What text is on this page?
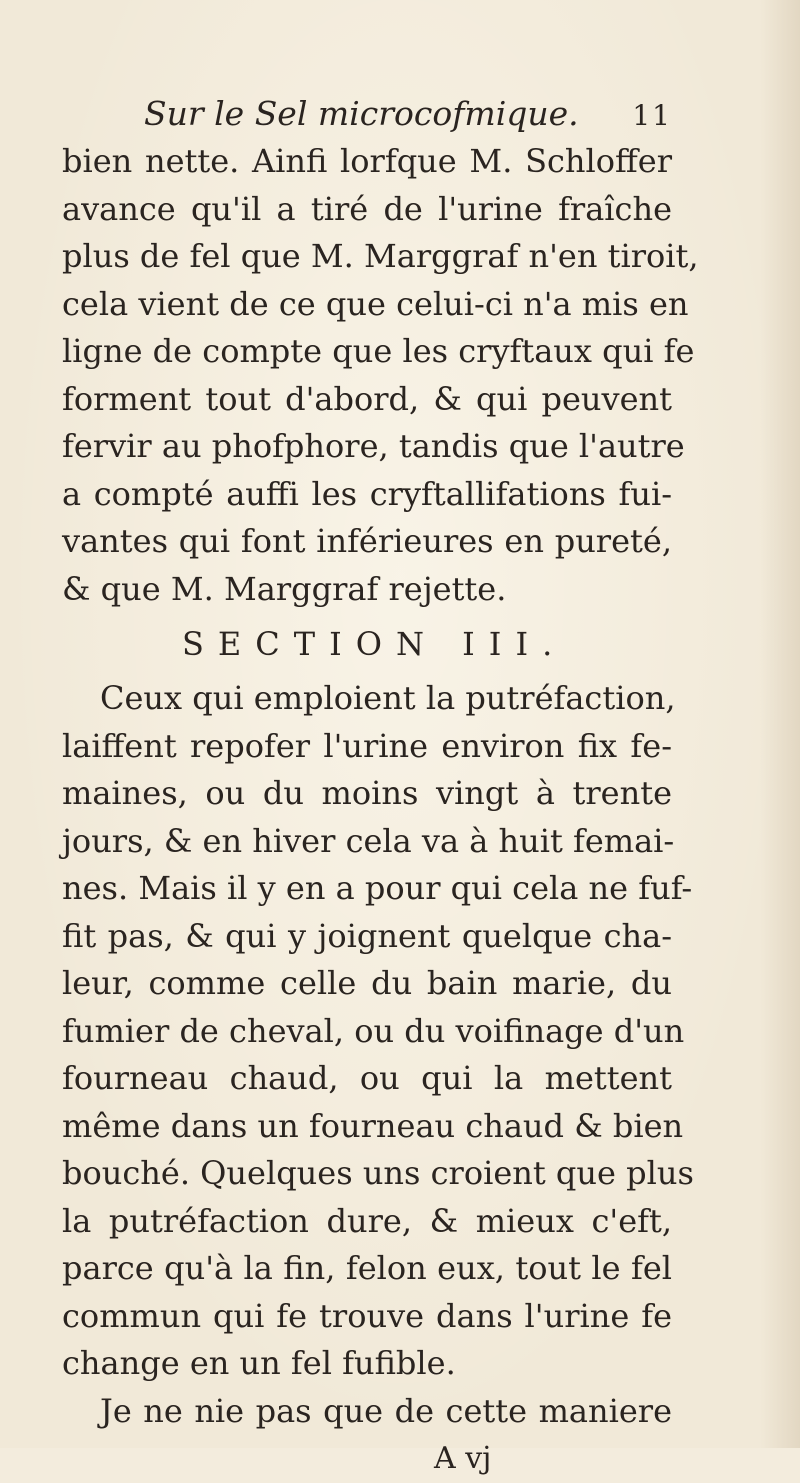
Sur le Sel microcofmique. 11
bien nette. Ainfi lorfque M. Schloffer
avance qu'il a tiré de l'urine fraîche
plus de fel que M. Marggraf n'en tiroit,
cela vient de ce que celui-ci n'a mis en
ligne de compte que les cryftaux qui fe
forment tout d'abord, & qui peuvent
fervir au phofphore, tandis que l'autre
a compté auffi les cryftallifations fui-
vantes qui font inférieures en pureté,
& que M. Marggraf rejette.
SECTION III.
Ceux qui emploient la putréfaction,
laiffent repofer l'urine environ fix fe-
maines, ou du moins vingt à trente
jours, & en hiver cela va à huit femai-
nes. Mais il y en a pour qui cela ne fuf-
fit pas, & qui y joignent quelque cha-
leur, comme celle du bain marie, du
fumier de cheval, ou du voifinage d'un
fourneau chaud, ou qui la mettent
même dans un fourneau chaud & bien
bouché. Quelques uns croient que plus
la putréfaction dure, & mieux c'eft,
parce qu'à la fin, felon eux, tout le fel
commun qui fe trouve dans l'urine fe
change en un fel fufible.
Je ne nie pas que de cette maniere
A vj
